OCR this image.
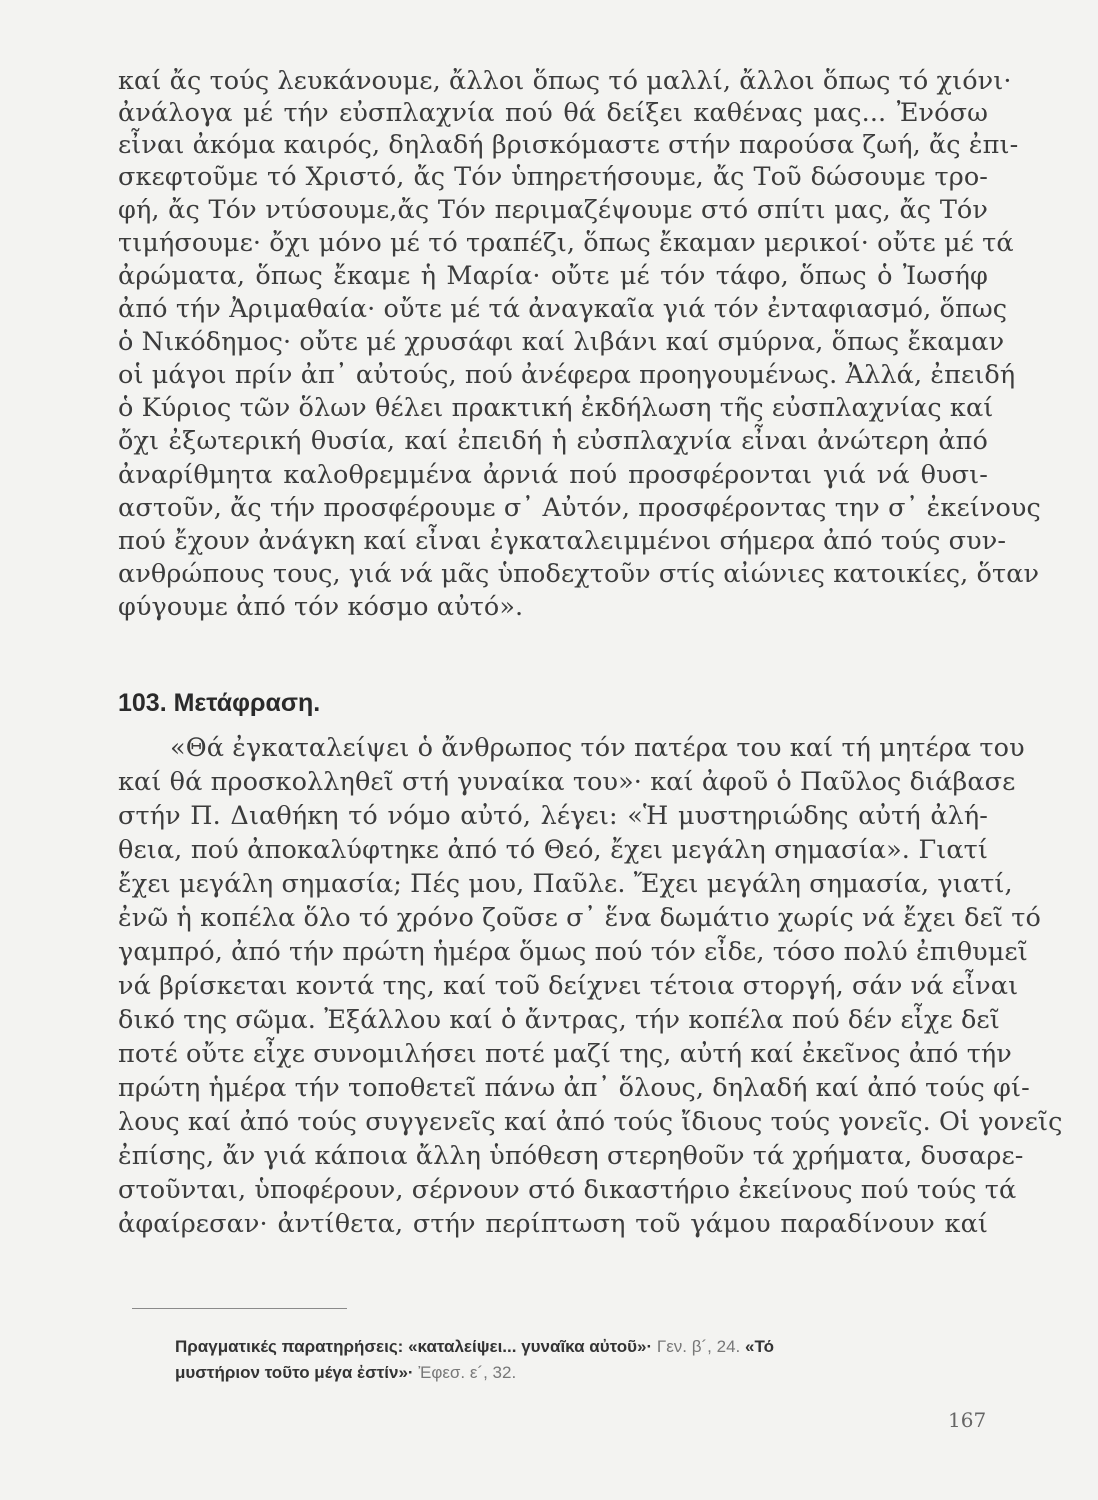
καί ἄς τούς λευκάνουμε, ἄλλοι ὅπως τό μαλλί, ἄλλοι ὅπως τό χιόνι·
ἀνάλογα μέ τήν εὐσπλαχνία πού θά δείξει καθένας μας... Ἐνόσω
εἶναι ἀκόμα καιρός, δηλαδή βρισκόμαστε στήν παρούσα ζωή, ἄς ἐπι-
σκεφτοῦμε τό Χριστό, ἄς Τόν ὑπηρετήσουμε, ἄς Τοῦ δώσουμε τρο-
φή, ἄς Τόν ντύσουμε,ἄς Τόν περιμαζέψουμε στό σπίτι μας, ἄς Τόν
τιμήσουμε· ὄχι μόνο μέ τό τραπέζι, ὅπως ἔκαμαν μερικοί· οὔτε μέ τά
ἀρώματα, ὅπως ἔκαμε ἡ Μαρία· οὔτε μέ τόν τάφο, ὅπως ὁ Ἰωσήφ
ἀπό τήν Ἀριμαθαία· οὔτε μέ τά ἀναγκαῖα γιά τόν ἐνταφιασμό, ὅπως
ὁ Νικόδημος· οὔτε μέ χρυσάφι καί λιβάνι καί σμύρνα, ὅπως ἔκαμαν
οἱ μάγοι πρίν ἀπ᾽ αὐτούς, πού ἀνέφερα προηγουμένως. Ἀλλά, ἐπειδή
ὁ Κύριος τῶν ὅλων θέλει πρακτική ἐκδήλωση τῆς εὐσπλαχνίας καί
ὄχι ἐξωτερική θυσία, καί ἐπειδή ἡ εὐσπλαχνία εἶναι ἀνώτερη ἀπό
ἀναρίθμητα καλοθρεμμένα ἀρνιά πού προσφέρονται γιά νά θυσι-
αστοῦν, ἄς τήν προσφέρουμε σ᾽ Αὐτόν, προσφέροντας την σ᾽ ἐκείνους
πού ἔχουν ἀνάγκη καί εἶναι ἐγκαταλειμμένοι σήμερα ἀπό τούς συν-
ανθρώπους τους, γιά νά μᾶς ὑποδεχτοῦν στίς αἰώνιες κατοικίες, ὅταν
φύγουμε ἀπό τόν κόσμο αὐτό».
103. Μετάφραση.
«Θά ἐγκαταλείψει ὁ ἄνθρωπος τόν πατέρα του καί τή μητέρα του
καί θά προσκολληθεῖ στή γυναίκα του»· καί ἀφοῦ ὁ Παῦλος διάβασε
στήν Π. Διαθήκη τό νόμο αὐτό, λέγει: «Ἡ μυστηριώδης αὐτή ἀλή-
θεια, πού ἀποκαλύφτηκε ἀπό τό Θεό, ἔχει μεγάλη σημασία». Γιατί
ἔχει μεγάλη σημασία; Πές μου, Παῦλε. Ἔχει μεγάλη σημασία, γιατί,
ἐνῶ ἡ κοπέλα ὅλο τό χρόνο ζοῦσε σ᾽ ἕνα δωμάτιο χωρίς νά ἔχει δεῖ τό
γαμπρό, ἀπό τήν πρώτη ἡμέρα ὅμως πού τόν εἶδε, τόσο πολύ ἐπιθυμεῖ
νά βρίσκεται κοντά της, καί τοῦ δείχνει τέτοια στοργή, σάν νά εἶναι
δικό της σῶμα. Ἐξάλλου καί ὁ ἄντρας, τήν κοπέλα πού δέν εἶχε δεῖ
ποτέ οὔτε εἶχε συνομιλήσει ποτέ μαζί της, αὐτή καί ἐκεῖνος ἀπό τήν
πρώτη ἡμέρα τήν τοποθετεῖ πάνω ἀπ᾽ ὅλους, δηλαδή καί ἀπό τούς φί-
λους καί ἀπό τούς συγγενεῖς καί ἀπό τούς ἴδιους τούς γονεῖς. Οἱ γονεῖς
ἐπίσης, ἄν γιά κάποια ἄλλη ὑπόθεση στερηθοῦν τά χρήματα, δυσαρε-
στοῦνται, ὑποφέρουν, σέρνουν στό δικαστήριο ἐκείνους πού τούς τά
ἀφαίρεσαν· ἀντίθετα, στήν περίπτωση τοῦ γάμου παραδίνουν καί
Πραγματικές παρατηρήσεις: «καταλείψει... γυναῖκα αὐτοῦ»· Γεν. β´, 24. «Τό
μυστήριον τοῦτο μέγα ἐστίν»· Ἐφεσ. ε´, 32.
167
